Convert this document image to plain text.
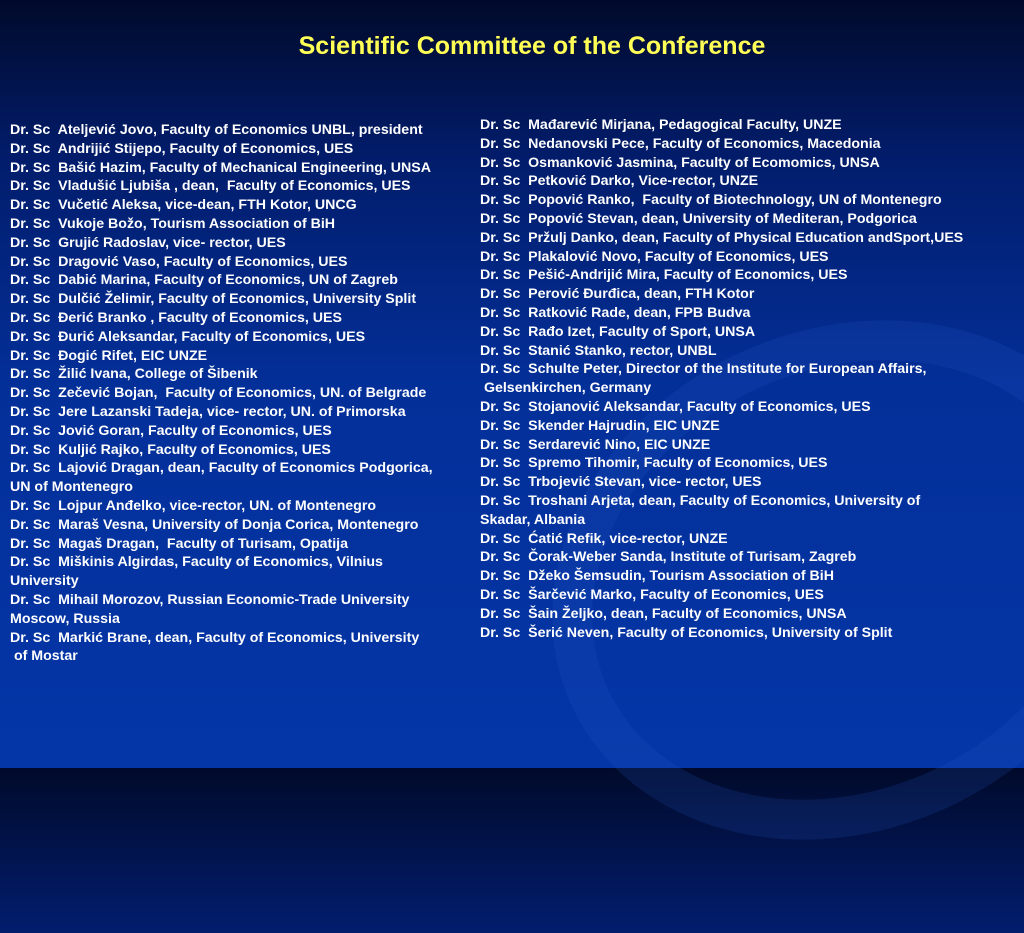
Scientific Committee of the Conference
Dr. Sc  Ateljević Jovo, Faculty of Economics UNBL, president
Dr. Sc  Andrijić Stijepo, Faculty of Economics, UES
Dr. Sc  Bašić Hazim, Faculty of Mechanical Engineering, UNSA
Dr. Sc  Vladušić Ljubiša , dean,  Faculty of Economics, UES
Dr. Sc  Vučetić Aleksa, vice-dean, FTH Kotor, UNCG
Dr. Sc  Vukoje Božo, Tourism Association of BiH
Dr. Sc  Grujić Radoslav, vice- rector, UES
Dr. Sc  Dragović Vaso, Faculty of Economics, UES
Dr. Sc  Dabić Marina, Faculty of Economics, UN of Zagreb
Dr. Sc  Dulčić Želimir, Faculty of Economics, University Split
Dr. Sc  Đerić Branko , Faculty of Economics, UES
Dr. Sc  Đurić Aleksandar, Faculty of Economics, UES
Dr. Sc  Đogić Rifet, EIC UNZE
Dr. Sc  Žilić Ivana, College of Šibenik
Dr. Sc  Zečević Bojan,  Faculty of Economics, UN. of Belgrade
Dr. Sc  Jere Lazanski Tadeja, vice- rector, UN. of Primorska
Dr. Sc  Jović Goran, Faculty of Economics, UES
Dr. Sc  Kuljić Rajko, Faculty of Economics, UES
Dr. Sc  Lajović Dragan, dean, Faculty of Economics Podgorica,
UN of Montenegro
Dr. Sc  Lojpur Anđelko, vice-rector, UN. of Montenegro
Dr. Sc  Maraš Vesna, University of Donja Corica, Montenegro
Dr. Sc  Magaš Dragan,  Faculty of Turisam, Opatija
Dr. Sc  Miškinis Algirdas, Faculty of Economics, Vilnius
University
Dr. Sc  Mihail Morozov, Russian Economic-Trade University
Moscow, Russia
Dr. Sc  Markić Brane, dean, Faculty of Economics, University
of Mostar
Dr. Sc  Mađarević Mirjana, Pedagogical Faculty, UNZE
Dr. Sc  Nedanovski Pece, Faculty of Economics, Macedonia
Dr. Sc  Osmanković Jasmina, Faculty of Ecomomics, UNSA
Dr. Sc  Petković Darko, Vice-rector, UNZE
Dr. Sc  Popović Ranko,  Faculty of Biotechnology, UN of Montenegro
Dr. Sc  Popović Stevan, dean, University of Mediteran, Podgorica
Dr. Sc  Pržulj Danko, dean, Faculty of Physical Education andSport,UES
Dr. Sc  Plakalović Novo, Faculty of Economics, UES
Dr. Sc  Pešić-Andrijić Mira, Faculty of Economics, UES
Dr. Sc  Perović Đurđica, dean, FTH Kotor
Dr. Sc  Ratković Rade, dean, FPB Budva
Dr. Sc  Rađo Izet, Faculty of Sport, UNSA
Dr. Sc  Stanić Stanko, rector, UNBL
Dr. Sc  Schulte Peter, Director of the Institute for European Affairs,
Gelsenkirchen, Germany
Dr. Sc  Stojanović Aleksandar, Faculty of Economics, UES
Dr. Sc  Skender Hajrudin, EIC UNZE
Dr. Sc  Serdarević Nino, EIC UNZE
Dr. Sc  Spremo Tihomir, Faculty of Economics, UES
Dr. Sc  Trbojević Stevan, vice- rector, UES
Dr. Sc  Troshani Arjeta, dean, Faculty of Economics, University of
Skadar, Albania
Dr. Sc  Ćatić Refik, vice-rector, UNZE
Dr. Sc  Čorak-Weber Sanda, Institute of Turisam, Zagreb
Dr. Sc  Džeko Šemsudin, Tourism Association of BiH
Dr. Sc  Šarčević Marko, Faculty of Economics, UES
Dr. Sc  Šain Željko, dean, Faculty of Economics, UNSA
Dr. Sc  Šerić Neven, Faculty of Economics, University of Split
